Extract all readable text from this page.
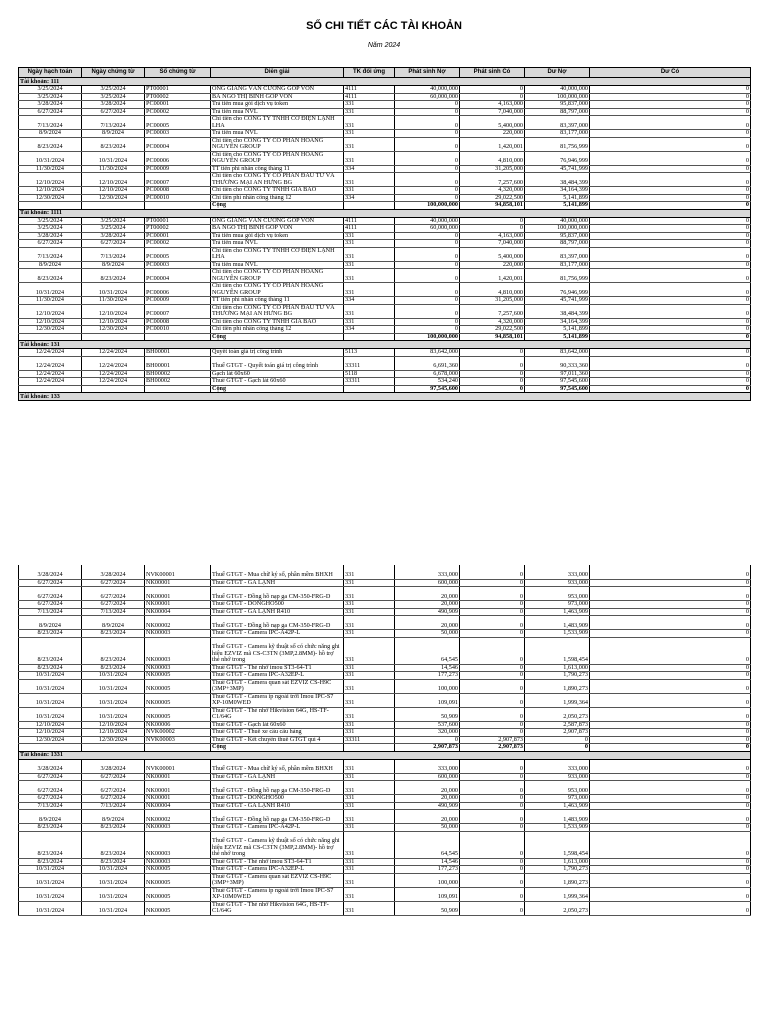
SỔ CHI TIẾT CÁC TÀI KHOẢN
Năm 2024
Ngày hạch toán	Ngày chứng từ	Số chứng từ	Diễn giải	TK đối ứng	Phát sinh Nợ	Phát sinh Có	Dư Nợ	Dư Có
Tài khoản: 111								
3/25/2024	3/25/2024	PT00001	ÔNG GIANG VĂN CƯỜNG GÓP VỐN	4111	40,000,000	0	40,000,000	0
3/25/2024	3/25/2024	PT00002	BÀ NGÔ THỊ BÌNH GÓP VỐN	4111	60,000,000	0	100,000,000	0
3/28/2024	3/28/2024	PC00001	Trả tiền mua gói dịch vụ token	331	0	4,163,000	95,837,000	0
6/27/2024	6/27/2024	PC00002	Trả tiền mua NVL	331	0	7,040,000	88,797,000	0
7/13/2024	7/13/2024	PC00005	Chi tiền cho CÔNG TY TNHH CƠ ĐIỆN LẠNH LHA	331	0	5,400,000	83,397,000	0
8/9/2024	8/9/2024	PC00003	Trả tiền mua NVL	331	0	220,000	83,177,000	0
8/23/2024	8/23/2024	PC00004	Chi tiền cho CÔNG TY CỔ PHẦN HOÀNG NGUYÊN GROUP	331	0	1,420,001	81,756,999	0
10/31/2024	10/31/2024	PC00006	Chi tiền cho CÔNG TY CỔ PHẦN HOÀNG NGUYÊN GROUP	331	0	4,810,000	76,946,999	0
11/30/2024	11/30/2024	PC00009	TT tiền phí nhân công tháng 11	334	0	31,205,000	45,741,999	0
12/10/2024	12/10/2024	PC00007	Chi tiền cho CÔNG TY CỔ PHẦN ĐẦU TƯ VÀ THƯƠNG MẠI AN HƯNG BG	331	0	7,257,600	38,484,399	0
12/10/2024	12/10/2024	PC00008	Chi tiền cho CÔNG TY TNHH GIA BẢO	331	0	4,320,000	34,164,399	0
12/30/2024	12/30/2024	PC00010	Chi tiền phí nhân công tháng 12	334	0	29,022,500	5,141,899	0
			Cộng		100,000,000	94,858,101	5,141,899	0
Tài khoản: 1111								
3/25/2024	3/25/2024	PT00001	ÔNG GIANG VĂN CƯỜNG GÓP VỐN	4111	40,000,000	0	40,000,000	0
3/25/2024	3/25/2024	PT00002	BÀ NGÔ THỊ BÌNH GÓP VỐN	4111	60,000,000	0	100,000,000	0
3/28/2024	3/28/2024	PC00001	Trả tiền mua gói dịch vụ token	331	0	4,163,000	95,837,000	0
6/27/2024	6/27/2024	PC00002	Trả tiền mua NVL	331	0	7,040,000	88,797,000	0
7/13/2024	7/13/2024	PC00005	Chi tiền cho CÔNG TY TNHH CƠ ĐIỆN LẠNH LHA	331	0	5,400,000	83,397,000	0
8/9/2024	8/9/2024	PC00003	Trả tiền mua NVL	331	0	220,000	83,177,000	0
8/23/2024	8/23/2024	PC00004	Chi tiền cho CÔNG TY CỔ PHẦN HOÀNG NGUYÊN GROUP	331	0	1,420,001	81,756,999	0
10/31/2024	10/31/2024	PC00006	Chi tiền cho CÔNG TY CỔ PHẦN HOÀNG NGUYÊN GROUP	331	0	4,810,000	76,946,999	0
11/30/2024	11/30/2024	PC00009	TT tiền phí nhân công tháng 11	334	0	31,205,000	45,741,999	0
12/10/2024	12/10/2024	PC00007	Chi tiền cho CÔNG TY CỔ PHẦN ĐẦU TƯ VÀ THƯƠNG MẠI AN HƯNG BG	331	0	7,257,600	38,484,399	0
12/10/2024	12/10/2024	PC00008	Chi tiền cho CÔNG TY TNHH GIA BẢO	331	0	4,320,000	34,164,399	0
12/30/2024	12/30/2024	PC00010	Chi tiền phí nhân công tháng 12	334	0	29,022,500	5,141,899	0
			Cộng		100,000,000	94,858,101	5,141,899	0
Tài khoản: 131								
12/24/2024	12/24/2024	BH00001	Quyết toán giá trị công trình	5113	83,642,000	0	83,642,000	0
12/24/2024	12/24/2024	BH00001	Thuế GTGT - Quyết toán giá trị công trình	33311	6,691,360	0	90,333,360	0
12/24/2024	12/24/2024	BH00002	Gạch lát 60x60	5118	6,678,000	0	97,011,360	0
12/24/2024	12/24/2024	BH00002	Thuế GTGT - Gạch lát 60x60	33311	534,240	0	97,545,600	0
			Cộng		97,545,600	0	97,545,600	0
Tài khoản: 133								
3/28/2024	3/28/2024	NVK00001	Thuế GTGT - Mua chữ ký số, phần mềm BHXH	331	333,000	0	333,000	0
6/27/2024	6/27/2024	NK00001	Thuế GTGT - GA LẠNH	331	600,000	0	933,000	0
6/27/2024	6/27/2024	NK00001	Thuế GTGT - Đồng hồ nạp ga CM-350-FRG-D	331	20,000	0	953,000	0
6/27/2024	6/27/2024	NK00001	Thuế GTGT - DONGHO500	331	20,000	0	973,000	0
7/13/2024	7/13/2024	NK00004	Thuế GTGT - GA LẠNH R410	331	490,909	0	1,463,909	0
8/9/2024	8/9/2024	NK00002	Thuế GTGT - Đồng hồ nạp ga CM-350-FRG-D	331	20,000	0	1,483,909	0
8/23/2024	8/23/2024	NK00003	Thuế GTGT - Camera IPC-A42P-L	331	50,000	0	1,533,909	0
8/23/2024	8/23/2024	NK00003	Thuế GTGT - Camera kỹ thuật số có chức năng ghi hiệu EZVIZ mã CS-C3TN (3MP,2.8MM)- hồ trợ thẻ nhớ trong	331	64,545	0	1,598,454	0
8/23/2024	8/23/2024	NK00003	Thuế GTGT - Thẻ nhớ imou ST3-64-T1	331	14,546	0	1,613,000	0
10/31/2024	10/31/2024	NK00005	Thuế GTGT - Camera IPC-A32EP-L	331	177,273	0	1,790,273	0
10/31/2024	10/31/2024	NK00005	Thuế GTGT - Camera quan sát EZVIZ CS-H9C (3MP+3MP)	331	100,000	0	1,890,273	0
10/31/2024	10/31/2024	NK00005	Thuế GTGT - Camera ip ngoài trời Imou IPC-S7 XP-10M0WED	331	109,091	0	1,999,364	0
10/31/2024	10/31/2024	NK00005	Thuế GTGT - Thẻ nhớ Hikvision 64G, HS-TF- C1/64G	331	50,909	0	2,050,273	0
12/10/2024	12/10/2024	NK00006	Thuế GTGT - Gạch lát 60x60	331	537,600	0	2,587,873	0
12/10/2024	12/10/2024	NVK00002	Thuế GTGT - Thuê xe cẩu cầu hàng	331	320,000	0	2,907,873	0
12/30/2024	12/30/2024	NVK00003	Thuế GTGT - Kết chuyển thuế GTGT quí 4	33311	0	2,907,873	0	0
			Cộng		2,907,873	2,907,873	0	0
Tài khoản: 1331								
3/28/2024	3/28/2024	NVK00001	Thuế GTGT - Mua chữ ký số, phần mềm BHXH	331	333,000	0	333,000	0
6/27/2024	6/27/2024	NK00001	Thuế GTGT - GA LẠNH	331	600,000	0	933,000	0
6/27/2024	6/27/2024	NK00001	Thuế GTGT - Đồng hồ nạp ga CM-350-FRG-D	331	20,000	0	953,000	0
6/27/2024	6/27/2024	NK00001	Thuế GTGT - DONGHO500	331	20,000	0	973,000	0
7/13/2024	7/13/2024	NK00004	Thuế GTGT - GA LẠNH R410	331	490,909	0	1,463,909	0
8/9/2024	8/9/2024	NK00002	Thuế GTGT - Đồng hồ nạp ga CM-350-FRG-D	331	20,000	0	1,483,909	0
8/23/2024	8/23/2024	NK00003	Thuế GTGT - Camera IPC-A42P-L	331	50,000	0	1,533,909	0
8/23/2024	8/23/2024	NK00003	Thuế GTGT - Camera kỹ thuật số có chức năng ghi hiệu EZVIZ mã CS-C3TN (3MP,2.8MM)- hồ trợ thẻ nhớ trong	331	64,545	0	1,598,454	0
8/23/2024	8/23/2024	NK00003	Thuế GTGT - Thẻ nhớ imou ST3-64-T1	331	14,546	0	1,613,000	0
10/31/2024	10/31/2024	NK00005	Thuế GTGT - Camera IPC-A32EP-L	331	177,273	0	1,790,273	0
10/31/2024	10/31/2024	NK00005	Thuế GTGT - Camera quan sát EZVIZ CS-H9C (3MP+3MP)	331	100,000	0	1,890,273	0
10/31/2024	10/31/2024	NK00005	Thuế GTGT - Camera ip ngoài trời Imou IPC-S7 XP-10M0WED	331	109,091	0	1,999,364	0
10/31/2024	10/31/2024	NK00005	Thuế GTGT - Thẻ nhớ Hikvision 64G, HS-TF- C1/64G	331	50,909	0	2,050,273	0
